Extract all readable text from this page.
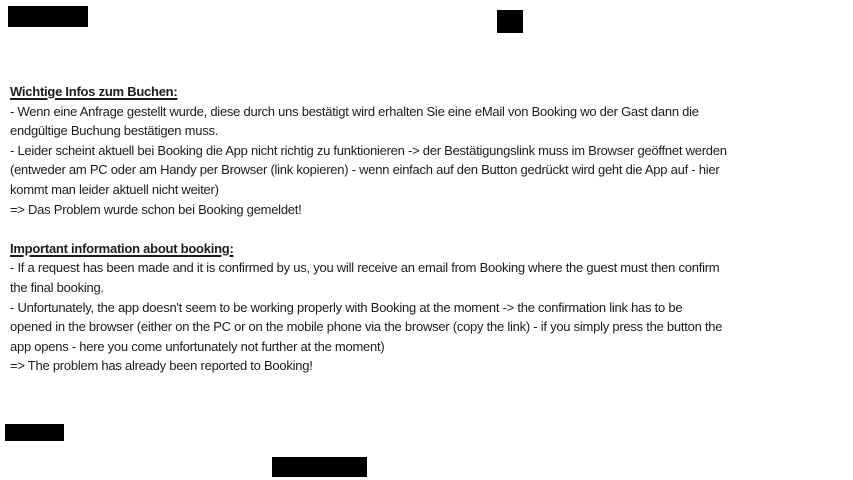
Wichtige Infos zum Buchen:
- Wenn eine Anfrage gestellt wurde, diese durch uns bestätigt wird erhalten Sie eine eMail von Booking wo der Gast dann die
endgültige Buchung bestätigen muss.
- Leider scheint aktuell bei Booking die App nicht richtig zu funktionieren -> der Bestätigungslink muss im Browser geöffnet werden
(entweder am PC oder am Handy per Browser (link kopieren) - wenn einfach auf den Button gedrückt wird geht die App auf - hier
kommt man leider aktuell nicht weiter)
=> Das Problem wurde schon bei Booking gemeldet!
Important information about booking:
- If a request has been made and it is confirmed by us, you will receive an email from Booking where the guest must then confirm
the final booking.
- Unfortunately, the app doesn't seem to be working properly with Booking at the moment -> the confirmation link has to be
opened in the browser (either on the PC or on the mobile phone via the browser (copy the link) - if you simply press the button the
app opens - here you come unfortunately not further at the moment)
=> The problem has already been reported to Booking!
